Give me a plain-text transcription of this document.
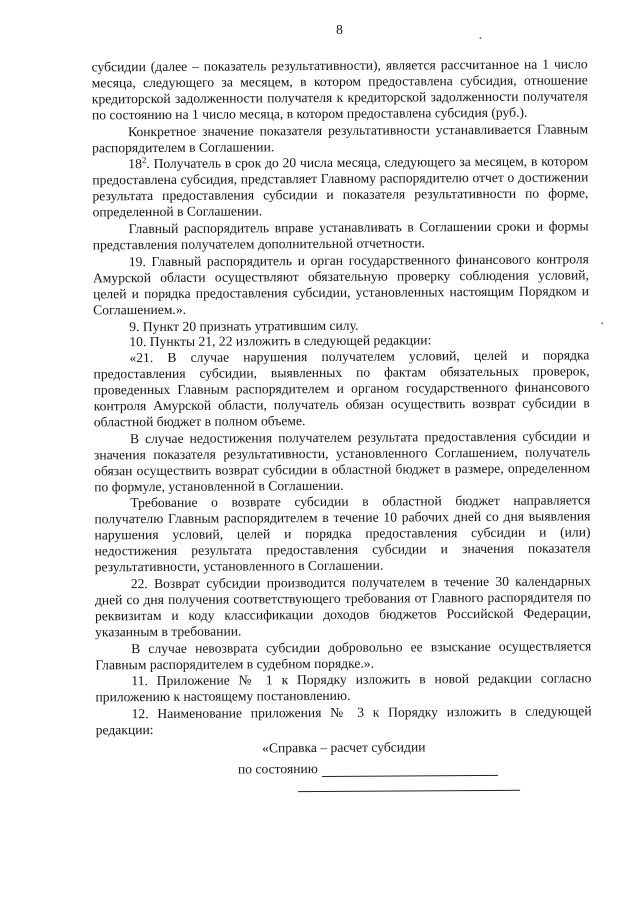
8

субсидии (далее – показатель результативности), является рассчитанное на 1 число месяца, следующего за месяцем, в котором предоставлена субсидия, отношение кредиторской задолженности получателя к кредиторской задолженности получателя по состоянию на 1 число месяца, в котором предоставлена субсидия (руб.).

Конкретное значение показателя результативности устанавливается Главным распорядителем в Соглашении.

$18^2$. Получатель в срок до 20 числа месяца, следующего за месяцем, в котором предоставлена субсидия, представляет Главному распорядителю отчет о достижении результата предоставления субсидии и показателя результативности по форме, определенной в Соглашении.

Главный распорядитель вправе устанавливать в Соглашении сроки и формы представления получателем дополнительной отчетности.

19. Главный распорядитель и орган государственного финансового контроля Амурской области осуществляют обязательную проверку соблюдения условий, целей и порядка предоставления субсидии, установленных настоящим Порядком и Соглашением.».

9. Пункт 20 признать утратившим силу.

10. Пункты 21, 22 изложить в следующей редакции:

«21. В случае нарушения получателем условий, целей и порядка предоставления субсидии, выявленных по фактам обязательных проверок, проведенных Главным распорядителем и органом государственного финансового контроля Амурской области, получатель обязан осуществить возврат субсидии в областной бюджет в полном объеме.

В случае недостижения получателем результата предоставления субсидии и значения показателя результативности, установленного Соглашением, получатель обязан осуществить возврат субсидии в областной бюджет в размере, определенном по формуле, установленной в Соглашении.

Требование о возврате субсидии в областной бюджет направляется получателю Главным распорядителем в течение 10 рабочих дней со дня выявления нарушения условий, целей и порядка предоставления субсидии и (или) недостижения результата предоставления субсидии и значения показателя результативности, установленного в Соглашении.

22. Возврат субсидии производится получателем в течение 30 календарных дней со дня получения соответствующего требования от Главного распорядителя по реквизитам и коду классификации доходов бюджетов Российской Федерации, указанным в требовании.

В случае невозврата субсидии добровольно ее взыскание осуществляется Главным распорядителем в судебном порядке.».

11. Приложение № 1 к Порядку изложить в новой редакции согласно приложению к настоящему постановлению.

12. Наименование приложения № 3 к Порядку изложить в следующей редакции:

«Справка – расчет субсидии

по состоянию
